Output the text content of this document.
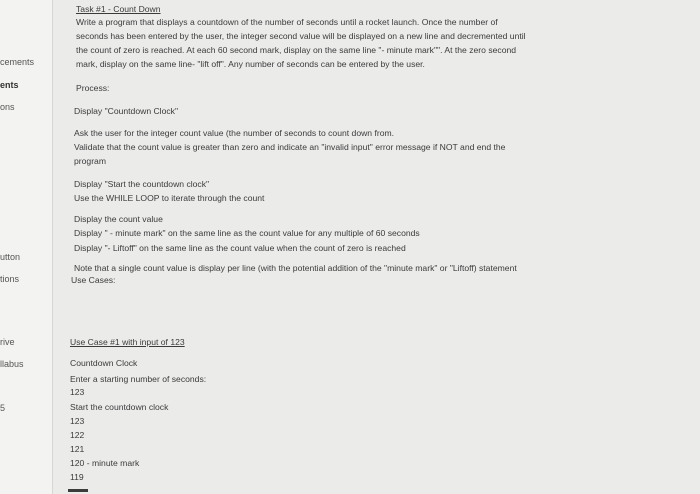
cements
ents
ons
utton
tions
rive
llabus
5
Task #1 - Count Down
Write a program that displays a countdown of the number of seconds until a rocket launch. Once the number of
seconds has been entered by the user, the integer second value will be displayed on a new line and decremented until
the count of zero is reached. At each 60 second mark, display on the same line "- minute mark"". At the zero second
mark, display on the same line- "lift off". Any number of seconds can be entered by the user.
Process:
Display "Countdown Clock"
Ask the user for the integer count value (the number of seconds to count down from.
Validate that the count value is greater than zero and indicate an "invalid input" error message if NOT and end the
program
Display "Start the countdown clock"
Use the WHILE LOOP to iterate through the count
Display the count value
Display " - minute mark" on the same line as the count value for any multiple of 60 seconds
Display "- Liftoff" on the same line as the count value when the count of zero is reached
Note that a single count value is display per line (with the potential addition of the "minute mark" or "Liftoff) statement
Use Cases:
Use Case #1 with input of 123
Countdown Clock
Enter a starting number of seconds:
123
Start the countdown clock
123
122
121
120 - minute mark
119
